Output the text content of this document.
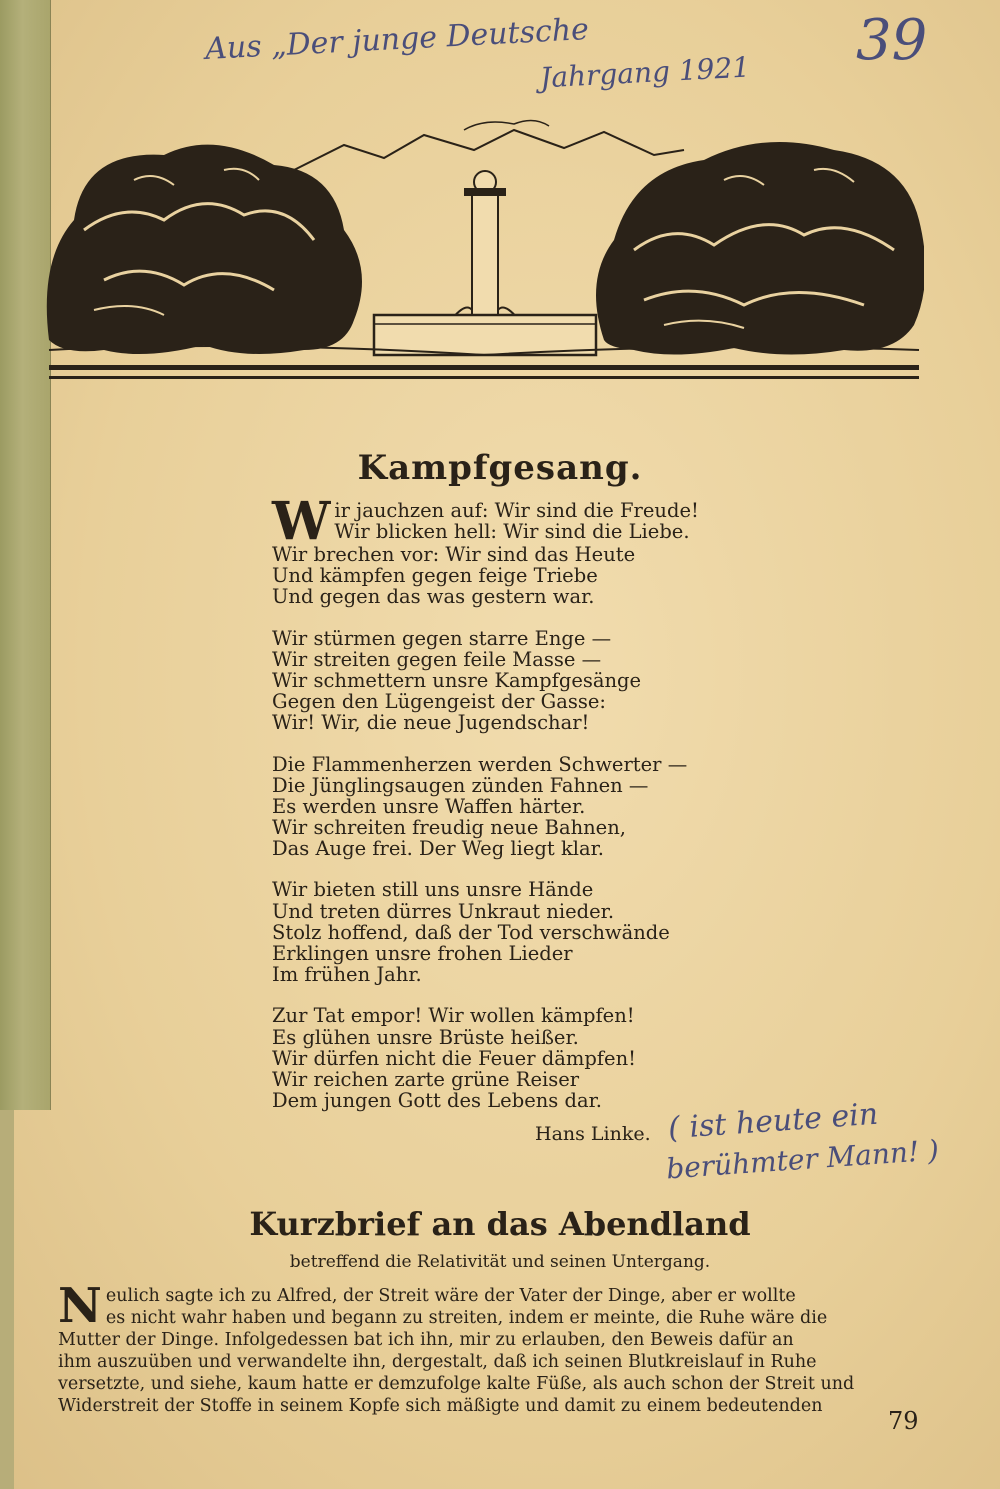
Aus „Der junge Deutsche
Jahrgang 1921 39
Kampfgesang.
W ir jauchzen auf: Wir sind die Freude!
Wir blicken hell: Wir sind die Liebe.
Wir brechen vor: Wir sind das Heute
Und kämpfen gegen feige Triebe
Und gegen das was gestern war.
Wir stürmen gegen starre Enge —
Wir streiten gegen feile Masse —
Wir schmettern unsre Kampfgesänge
Gegen den Lügengeist der Gasse:
Wir! Wir, die neue Jugendschar!
Die Flammenherzen werden Schwerter —
Die Jünglingsaugen zünden Fahnen —
Es werden unsre Waffen härter.
Wir schreiten freudig neue Bahnen,
Das Auge frei. Der Weg liegt klar.
Wir bieten still uns unsre Hände
Und treten dürres Unkraut nieder.
Stolz hoffend, daß der Tod verschwände
Erklingen unsre frohen Lieder
Im frühen Jahr.
Zur Tat empor! Wir wollen kämpfen!
Es glühen unsre Brüste heißer.
Wir dürfen nicht die Feuer dämpfen!
Wir reichen zarte grüne Reiser
Dem jungen Gott des Lebens dar.
Hans Linke. ( ist heute ein
berühmter Mann! )
Kurzbrief an das Abendland
betreffend die Relativität und seinen Untergang.
N eulich sagte ich zu Alfred, der Streit wäre der Vater der Dinge, aber er wollte
es nicht wahr haben und begann zu streiten, indem er meinte, die Ruhe wäre die
Mutter der Dinge. Infolgedessen bat ich ihn, mir zu erlauben, den Beweis dafür an
ihm auszuüben und verwandelte ihn, dergestalt, daß ich seinen Blutkreislauf in Ruhe
versetzte, und siehe, kaum hatte er demzufolge kalte Füße, als auch schon der Streit und
Widerstreit der Stoffe in seinem Kopfe sich mäßigte und damit zu einem bedeutenden
79
